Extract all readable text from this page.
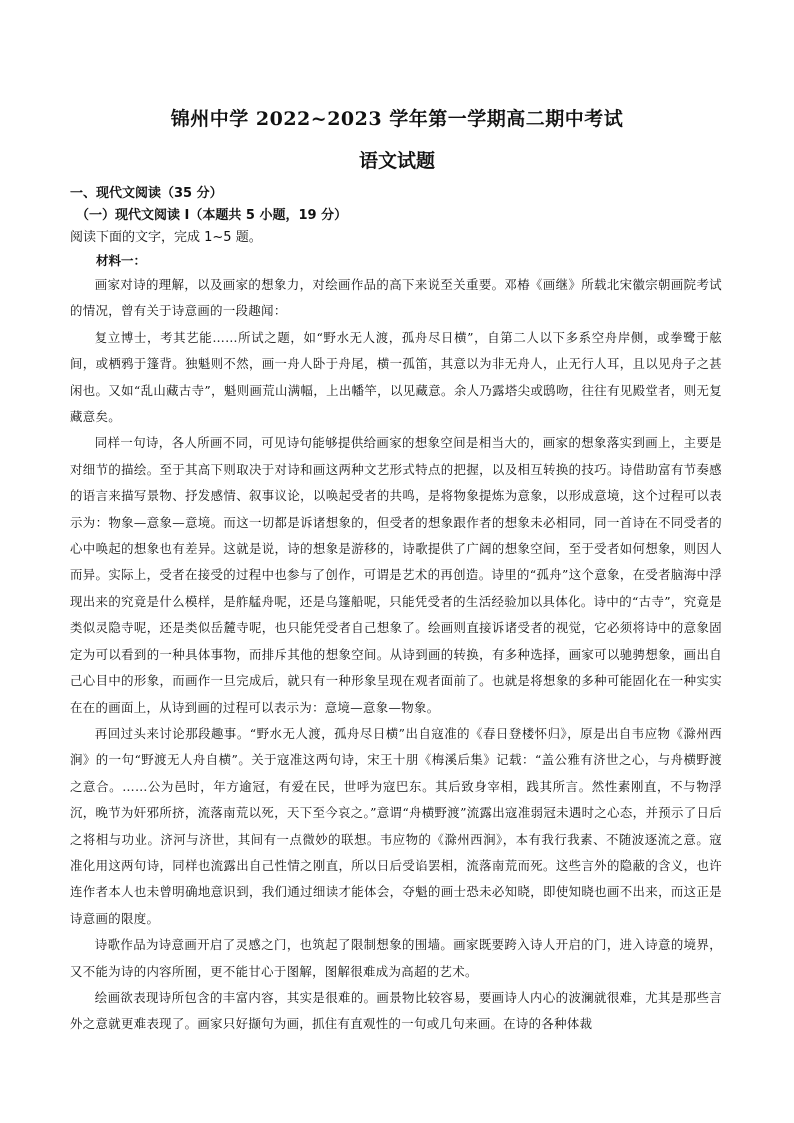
锦州中学 2022~2023 学年第一学期高二期中考试
语文试题

一、现代文阅读（35 分）

（一）现代文阅读 I（本题共 5 小题，19 分）

阅读下面的文字，完成 1~5 题。

材料一：

画家对诗的理解，以及画家的想象力，对绘画作品的高下来说至关重要。邓椿《画继》所载北宋徽宗朝画院考试的情况，曾有关于诗意画的一段趣闻：

复立博士，考其艺能……所试之题，如“野水无人渡，孤舟尽日横”，自第二人以下多系空舟岸侧，或拳鹭于舷间，或栖鸦于篷背。独魁则不然，画一舟人卧于舟尾，横一孤笛，其意以为非无舟人，止无行人耳，且以见舟子之甚闲也。又如“乱山藏古寺”，魁则画荒山满幅，上出幡竿，以见藏意。余人乃露塔尖或鸱吻，往往有见殿堂者，则无复藏意矣。

同样一句诗，各人所画不同，可见诗句能够提供给画家的想象空间是相当大的，画家的想象落实到画上，主要是对细节的描绘。至于其高下则取决于对诗和画这两种文艺形式特点的把握，以及相互转换的技巧。诗借助富有节奏感的语言来描写景物、抒发感情、叙事议论，以唤起受者的共鸣，是将物象提炼为意象，以形成意境，这个过程可以表示为：物象—意象—意境。而这一切都是诉诸想象的，但受者的想象跟作者的想象未必相同，同一首诗在不同受者的心中唤起的想象也有差异。这就是说，诗的想象是游移的，诗歌提供了广阔的想象空间，至于受者如何想象，则因人而异。实际上，受者在接受的过程中也参与了创作，可谓是艺术的再创造。诗里的“孤舟”这个意象，在受者脑海中浮现出来的究竟是什么模样，是舴艋舟呢，还是乌篷船呢，只能凭受者的生活经验加以具体化。诗中的“古寺”，究竟是类似灵隐寺呢，还是类似岳麓寺呢，也只能凭受者自己想象了。绘画则直接诉诸受者的视觉，它必须将诗中的意象固定为可以看到的一种具体事物，而排斥其他的想象空间。从诗到画的转换，有多种选择，画家可以驰骋想象，画出自己心目中的形象，而画作一旦完成后，就只有一种形象呈现在观者面前了。也就是将想象的多种可能固化在一种实实在在的画面上，从诗到画的过程可以表示为：意境—意象—物象。

再回过头来讨论那段趣事。“野水无人渡，孤舟尽日横”出自寇准的《春日登楼怀归》，原是出自韦应物《滁州西涧》的一句“野渡无人舟自横”。关于寇准这两句诗，宋王十朋《梅溪后集》记载：“盖公雅有济世之心，与舟横野渡之意合。……公为邑时，年方逾冠，有爱在民，世呼为寇巴东。其后致身宰相，践其所言。然性素刚直，不与物浮沉，晚节为奸邪所挤，流落南荒以死，天下至今哀之。”意谓“舟横野渡”流露出寇准弱冠未遇时之心态，并预示了日后之将相与功业。济河与济世，其间有一点微妙的联想。韦应物的《滁州西涧》，本有我行我素、不随波逐流之意。寇准化用这两句诗，同样也流露出自己性情之刚直，所以日后受谄罢相，流落南荒而死。这些言外的隐蔽的含义，也许连作者本人也未曾明确地意识到，我们通过细读才能体会，夺魁的画士恐未必知晓，即使知晓也画不出来，而这正是诗意画的限度。

诗歌作品为诗意画开启了灵感之门，也筑起了限制想象的围墙。画家既要跨入诗人开启的门，进入诗意的境界，又不能为诗的内容所囿，更不能甘心于图解，图解很难成为高超的艺术。

绘画欲表现诗所包含的丰富内容，其实是很难的。画景物比较容易，要画诗人内心的波澜就很难，尤其是那些言外之意就更难表现了。画家只好撷句为画，抓住有直观性的一句或几句来画。在诗的各种体裁
